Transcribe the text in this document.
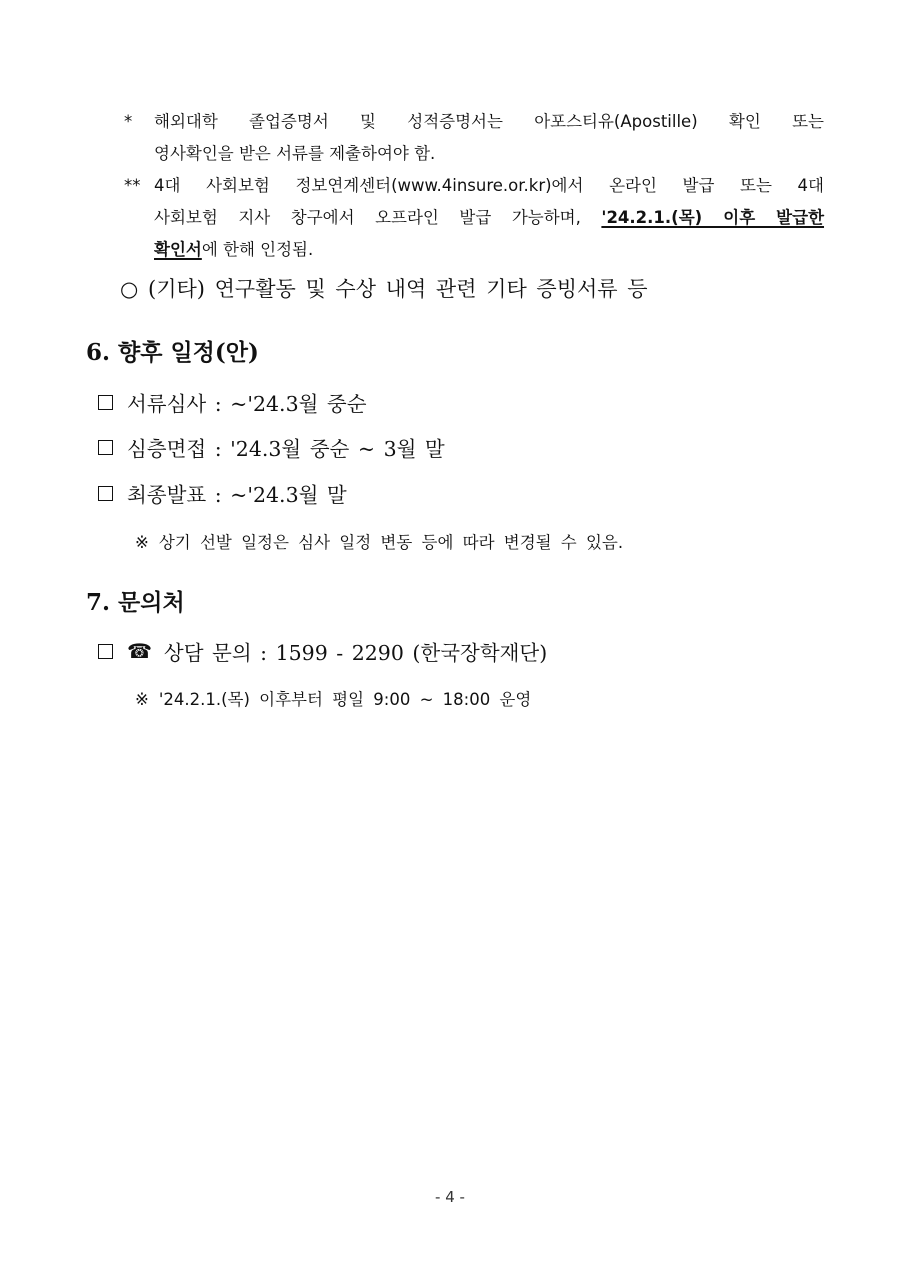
* 해외대학 졸업증명서 및 성적증명서는 아포스티유(Apostille) 확인 또는
영사확인을 받은 서류를 제출하여야 함.
** 4대 사회보험 정보연계센터(www.4insure.or.kr)에서 온라인 발급 또는 4대
사회보험 지사 창구에서 오프라인 발급 가능하며, '24.2.1.(목) 이후 발급한
확인서에 한해 인정됨.
○ (기타) 연구활동 및 수상 내역 관련 기타 증빙서류 등
6. 향후 일정(안)
서류심사 : ~'24.3월 중순
심층면접 : '24.3월 중순 ~ 3월 말
최종발표 : ~'24.3월 말
※ 상기 선발 일정은 심사 일정 변동 등에 따라 변경될 수 있음.
7. 문의처
☎ 상담 문의 : 1599 - 2290 (한국장학재단)
※ '24.2.1.(목) 이후부터 평일 9:00 ~ 18:00 운영
- 4 -
